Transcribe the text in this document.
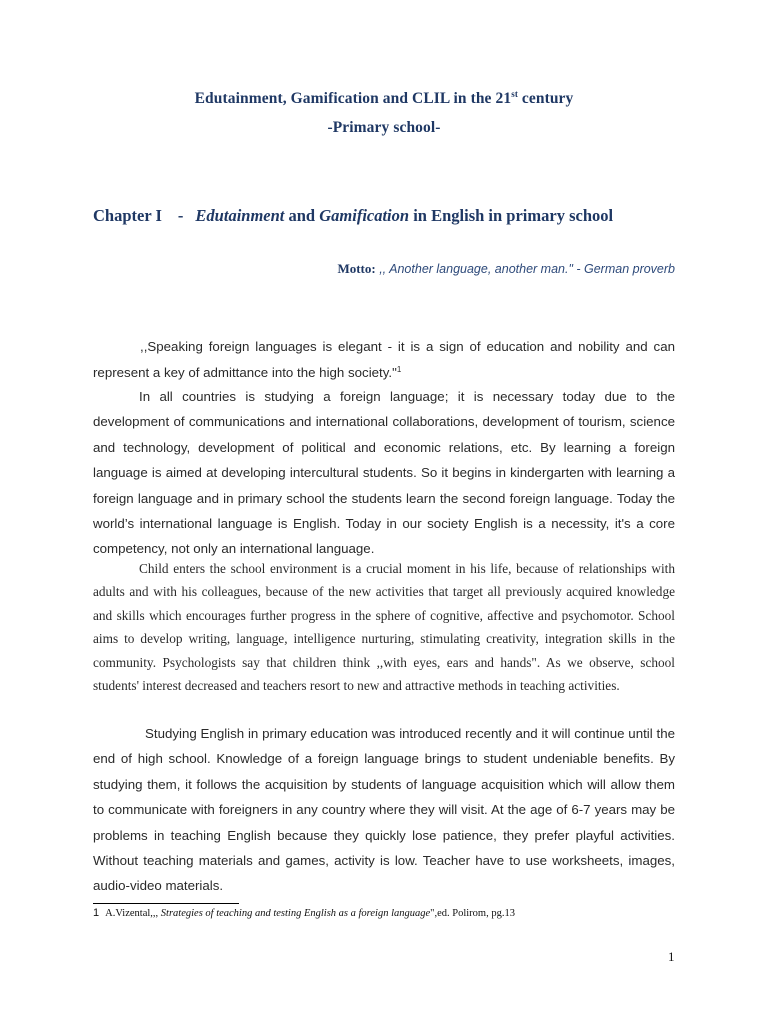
Edutainment, Gamification and CLIL in the 21st century
-Primary school-
Chapter I - Edutainment and Gamification in English in primary school
Motto: ,, Another language, another man." - German proverb

,,Speaking foreign languages is elegant - it is a sign of education and nobility and can represent a key of admittance into the high society."$^1$

In all countries is studying a foreign language; it is necessary today due to the development of communications and international collaborations, development of tourism, science and technology, development of political and economic relations, etc. By learning a foreign language is aimed at developing intercultural students. So it begins in kindergarten with learning a foreign language and in primary school the students learn the second foreign language. Today the world’s international language is English. Today in our society English is a necessity, it's a core competency, not only an international language.

Child enters the school environment is a crucial moment in his life, because of relationships with adults and with his colleagues, because of the new activities that target all previously acquired knowledge and skills which encourages further progress in the sphere of cognitive, affective and psychomotor. School aims to develop writing, language, intelligence nurturing, stimulating creativity, integration skills in the community. Psychologists say that children think ,,with eyes, ears and hands". As we observe, school students' interest decreased and teachers resort to new and attractive methods in teaching activities.

Studying English in primary education was introduced recently and it will continue until the end of high school. Knowledge of a foreign language brings to student undeniable benefits. By studying them, it follows the acquisition by students of language acquisition which will allow them to communicate with foreigners in any country where they will visit. At the age of 6-7 years may be problems in teaching English because they quickly lose patience, they prefer playful activities. Without teaching materials and games, activity is low. Teacher have to use worksheets, images, audio-video materials.

1 A.Vizental,,, Strategies of teaching and testing English as a foreign language",ed. Polirom, pg.13
1
